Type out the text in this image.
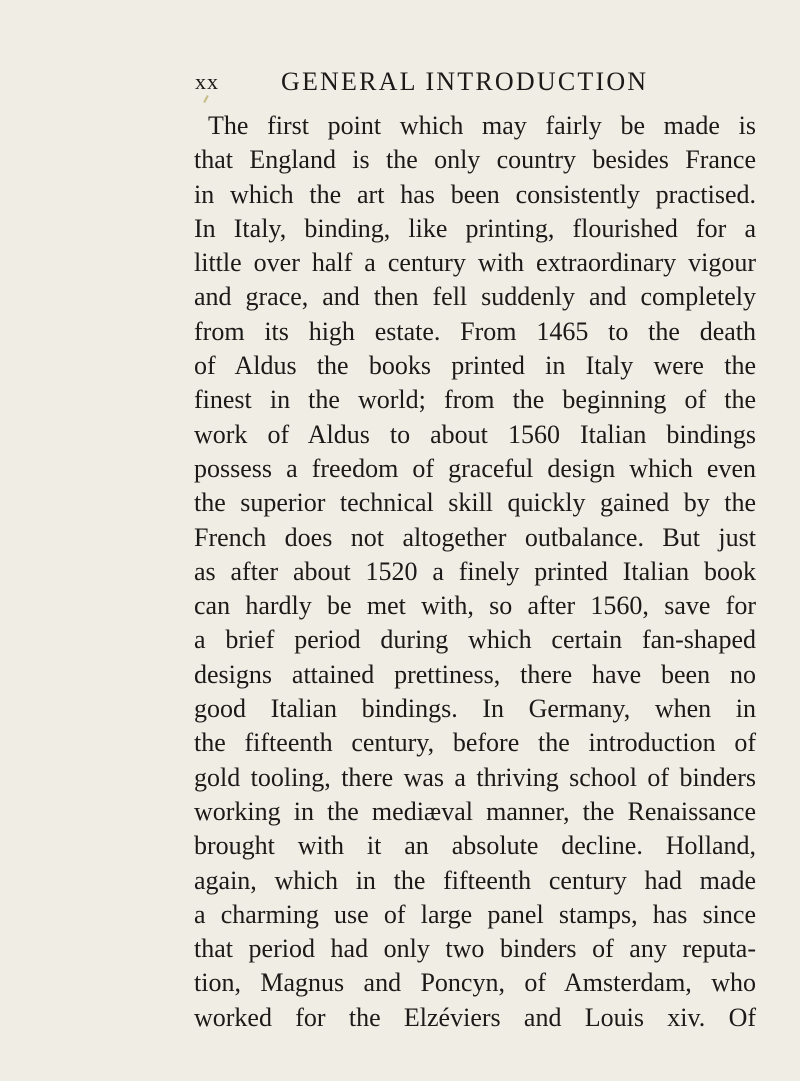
xx GENERAL INTRODUCTION
The first point which may fairly be made is
that England is the only country besides France
in which the art has been consistently practised.
In Italy, binding, like printing, flourished for a
little over half a century with extraordinary vigour
and grace, and then fell suddenly and completely
from its high estate. From 1465 to the death
of Aldus the books printed in Italy were the
finest in the world; from the beginning of the
work of Aldus to about 1560 Italian bindings
possess a freedom of graceful design which even
the superior technical skill quickly gained by the
French does not altogether outbalance. But just
as after about 1520 a finely printed Italian book
can hardly be met with, so after 1560, save for
a brief period during which certain fan-shaped
designs attained prettiness, there have been no
good Italian bindings. In Germany, when in
the fifteenth century, before the introduction of
gold tooling, there was a thriving school of binders
working in the mediæval manner, the Renaissance
brought with it an absolute decline. Holland,
again, which in the fifteenth century had made
a charming use of large panel stamps, has since
that period had only two binders of any reputa-
tion, Magnus and Poncyn, of Amsterdam, who
worked for the Elzéviers and Louis xiv. Of
